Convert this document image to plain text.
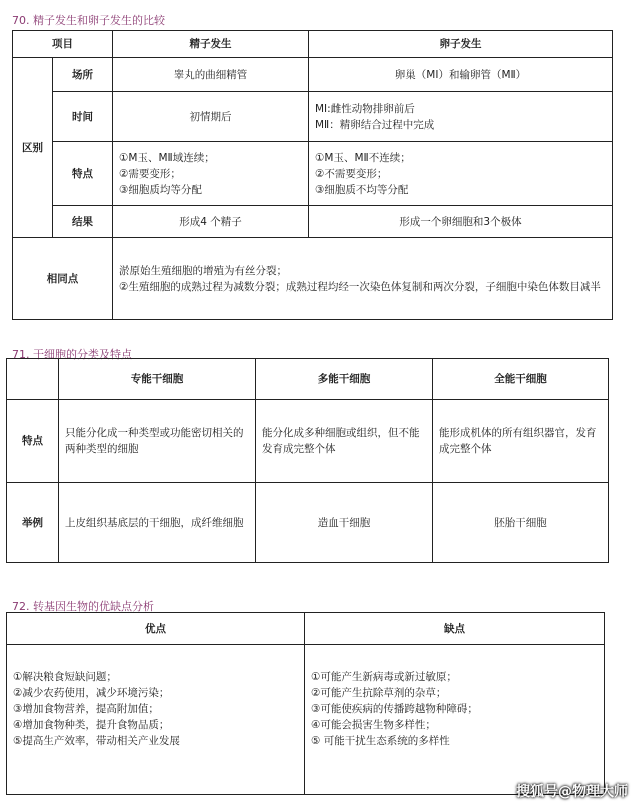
70. 精子发生和卵子发生的比较
项目		精子发生	卵子发生
区别	场所	睾丸的曲细精管	卵巢（MI）和输卵管（MⅡ）
	时间	初情期后	MI:雌性动物排卵前后
MⅡ：精卵结合过程中完成

	特点	①M玉、MⅡ域连续；
②需要变形；
③细胞质均等分配	①M玉、MⅡ不连续；
②不需要变形；
③细胞质不均等分配

	结果	形成4 个精子	形成一个卵细胞和3个极体
相同点		淤原始生殖细胞的增殖为有丝分裂；
②生殖细胞的成熟过程为减数分裂；成熟过程均经一次染色体复制和两次分裂，子细胞中染色体数目减半	
71. 干细胞的分类及特点
	专能干细胞	多能干细胞	全能干细胞
特点	只能分化成一种类型或功能密切相关的两种类型的细胞	能分化成多种细胞或组织，但不能发育成完整个体	能形成机体的所有组织器官，发育成完整个体
举例	上皮组织基底层的干细胞，成纤维细胞	造血干细胞	胚胎干细胞
72. 转基因生物的优缺点分析
优点	缺点

①解决粮食短缺问题；
②减少农药使用，减少环境污染；
③增加食物营养，提高附加值；
④增加食物种类，提升食物品质；
⑤提高生产效率，带动相关产业发展	①可能产生新病毒或新过敏原；
②可能产生抗除草剂的杂草；
③可能使疾病的传播跨越物种障碍；
④可能会损害生物多样性；
⑤ 可能干扰生态系统的多样性
搜狐号@物理大师
